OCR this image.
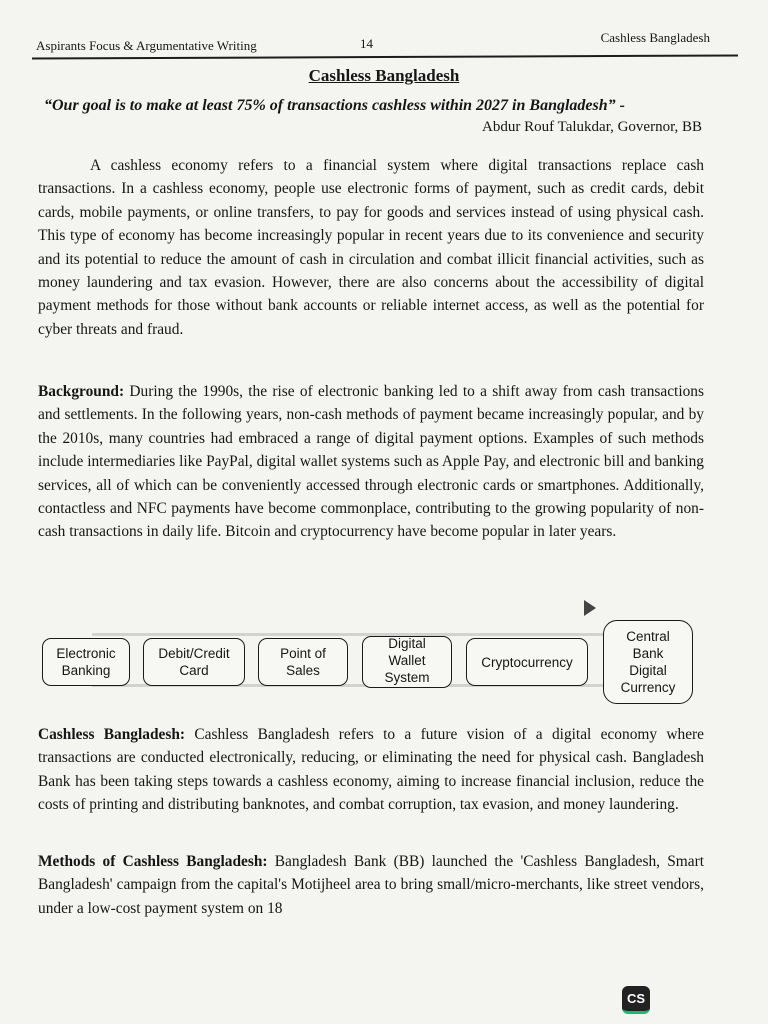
Aspirants Focus & Argumentative Writing	14	Cashless Bangladesh
Cashless Bangladesh
“Our goal is to make at least 75% of transactions cashless within 2027 in Bangladesh” -
Abdur Rouf Talukdar, Governor, BB

A cashless economy refers to a financial system where digital transactions replace cash transactions. In a cashless economy, people use electronic forms of payment, such as credit cards, debit cards, mobile payments, or online transfers, to pay for goods and services instead of using physical cash. This type of economy has become increasingly popular in recent years due to its convenience and security and its potential to reduce the amount of cash in circulation and combat illicit financial activities, such as money laundering and tax evasion. However, there are also concerns about the accessibility of digital payment methods for those without bank accounts or reliable internet access, as well as the potential for cyber threats and fraud.

Background: During the 1990s, the rise of electronic banking led to a shift away from cash transactions and settlements. In the following years, non-cash methods of payment became increasingly popular, and by the 2010s, many countries had embraced a range of digital payment options. Examples of such methods include intermediaries like PayPal, digital wallet systems such as Apple Pay, and electronic bill and banking services, all of which can be conveniently accessed through electronic cards or smartphones. Additionally, contactless and NFC payments have become commonplace, contributing to the growing popularity of non-cash transactions in daily life. Bitcoin and cryptocurrency have become popular in later years.

Electronic
Banking
Debit/Credit
Card
Point of
Sales
Digital
Wallet
System
Cryptocurrency
Central
Bank
Digital
Currency

Cashless Bangladesh: Cashless Bangladesh refers to a future vision of a digital economy where transactions are conducted electronically, reducing, or eliminating the need for physical cash. Bangladesh Bank has been taking steps towards a cashless economy, aiming to increase financial inclusion, reduce the costs of printing and distributing banknotes, and combat corruption, tax evasion, and money laundering.

Methods of Cashless Bangladesh: Bangladesh Bank (BB) launched the 'Cashless Bangladesh, Smart Bangladesh' campaign from the capital's Motijheel area to bring small/micro-merchants, like street vendors, under a low-cost payment system on 18

CS
